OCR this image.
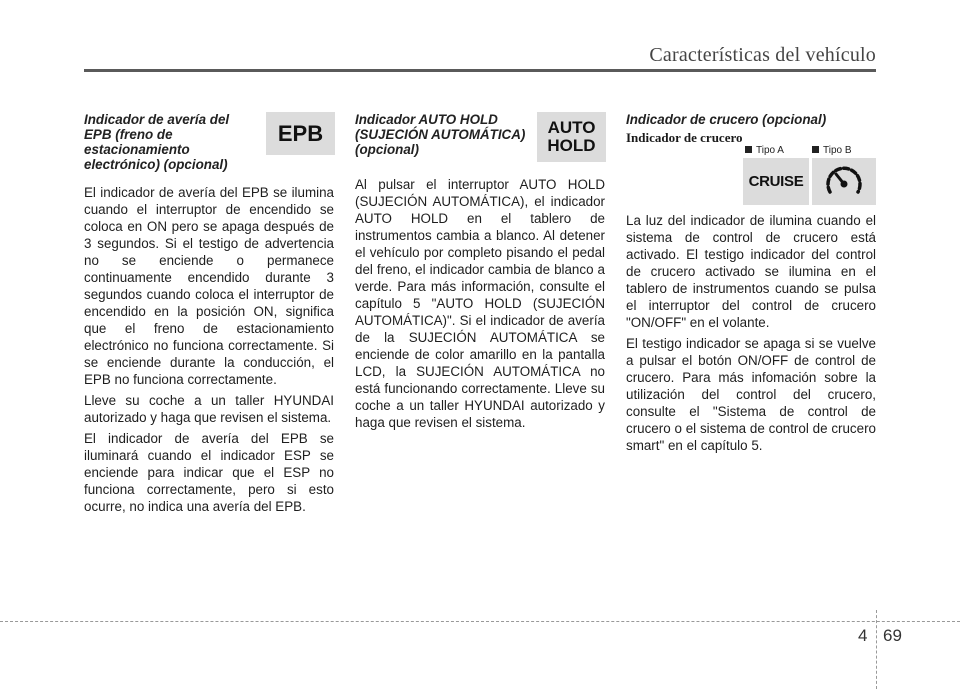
Características del vehículo
Indicador de avería del
EPB (freno de
estacionamiento
electrónico) (opcional)

El indicador de avería del EPB se ilumina cuando el interruptor de encendido se coloca en ON pero se apaga después de 3 segundos. Si el testigo de advertencia no se enciende o permanece continuamente encendido durante 3 segundos cuando coloca el interruptor de encendido en la posición ON, significa que el freno de estacionamiento electrónico no funciona correctamente. Si se enciende durante la conducción, el EPB no funciona correctamente.

Lleve su coche a un taller HYUNDAI autorizado y haga que revisen el sistema.

El indicador de avería del EPB se iluminará cuando el indicador ESP se enciende para indicar que el ESP no funciona correctamente, pero si esto ocurre, no indica una avería del EPB.

EPB
Indicador AUTO HOLD
(SUJECIÓN AUTOMÁTICA)
(opcional)

Al pulsar el interruptor AUTO HOLD (SUJECIÓN AUTOMÁTICA), el indicador AUTO HOLD en el tablero de instrumentos cambia a blanco. Al detener el vehículo por completo pisando el pedal del freno, el indicador cambia de blanco a verde. Para más información, consulte el capítulo 5 "AUTO HOLD (SUJECIÓN AUTOMÁTICA)". Si el indicador de avería de la SUJECIÓN AUTOMÁTICA se enciende de color amarillo en la pantalla LCD, la SUJECIÓN AUTOMÁTICA no está funcionando correctamente. Lleve su coche a un taller HYUNDAI autorizado y haga que revisen el sistema.

AUTO
HOLD
Indicador de crucero (opcional)
Indicador de crucero

La luz del indicador de ilumina cuando el sistema de control de crucero está activado. El testigo indicador del control de crucero activado se ilumina en el tablero de instrumentos cuando se pulsa el interruptor del control de crucero "ON/OFF" en el volante.

El testigo indicador se apaga si se vuelve a pulsar el botón ON/OFF de control de crucero. Para más infomación sobre la utilización del control del crucero, consulte el "Sistema de control de crucero o el sistema de control de crucero smart" en el capítulo 5.

Tipo A	Tipo B
CRUISE
4 69
